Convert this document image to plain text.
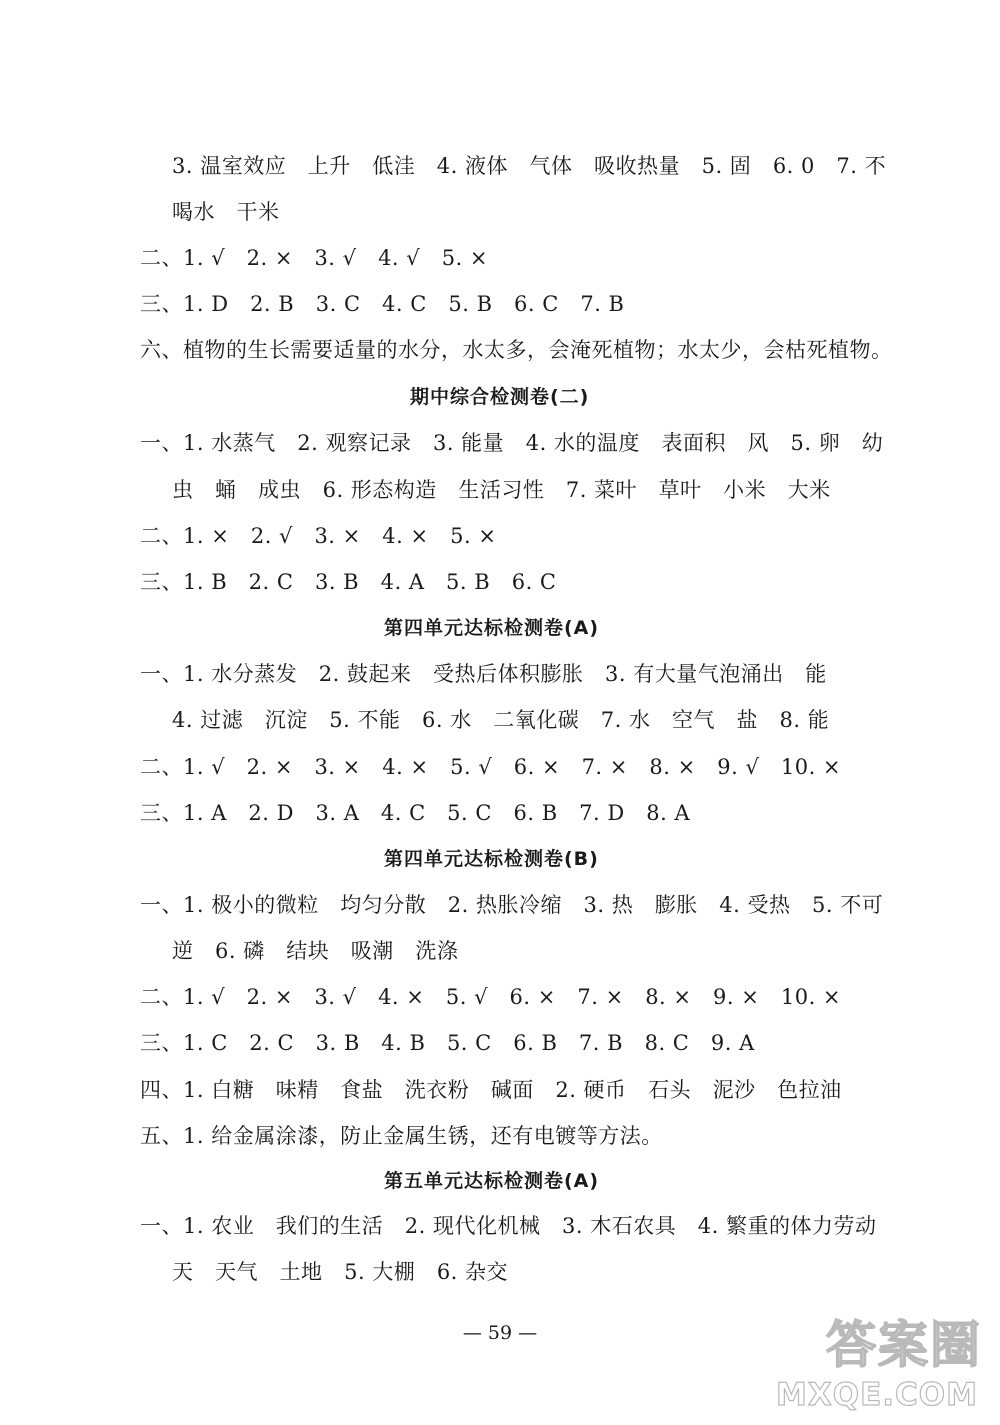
3. 温室效应   上升   低洼   4. 液体   气体   吸收热量   5. 固   6. 0   7. 不
喝水   干米
二、1. √   2. ×   3. √   4. √   5. ×
三、1. D   2. B   3. C   4. C   5. B   6. C   7. B
六、植物的生长需要适量的水分，水太多，会淹死植物；水太少，会枯死植物。
期中综合检测卷(二)
一、1. 水蒸气   2. 观察记录   3. 能量   4. 水的温度   表面积   风   5. 卵   幼
虫   蛹   成虫   6. 形态构造   生活习性   7. 菜叶   草叶   小米   大米
二、1. ×   2. √   3. ×   4. ×   5. ×
三、1. B   2. C   3. B   4. A   5. B   6. C
第四单元达标检测卷(A)
一、1. 水分蒸发   2. 鼓起来   受热后体积膨胀   3. 有大量气泡涌出   能
4. 过滤   沉淀   5. 不能   6. 水   二氧化碳   7. 水   空气   盐   8. 能
二、1. √   2. ×   3. ×   4. ×   5. √   6. ×   7. ×   8. ×   9. √   10. ×
三、1. A   2. D   3. A   4. C   5. C   6. B   7. D   8. A
第四单元达标检测卷(B)
一、1. 极小的微粒   均匀分散   2. 热胀冷缩   3. 热   膨胀   4. 受热   5. 不可
逆   6. 磷   结块   吸潮   洗涤
二、1. √   2. ×   3. √   4. ×   5. √   6. ×   7. ×   8. ×   9. ×   10. ×
三、1. C   2. C   3. B   4. B   5. C   6. B   7. B   8. C   9. A
四、1. 白糖   味精   食盐   洗衣粉   碱面   2. 硬币   石头   泥沙   色拉油
五、1. 给金属涂漆，防止金属生锈，还有电镀等方法。
第五单元达标检测卷(A)
一、1. 农业   我们的生活   2. 现代化机械   3. 木石农具   4. 繁重的体力劳动
天   天气   土地   5. 大棚   6. 杂交
— 59 —	答案圈
MXQE.COM
